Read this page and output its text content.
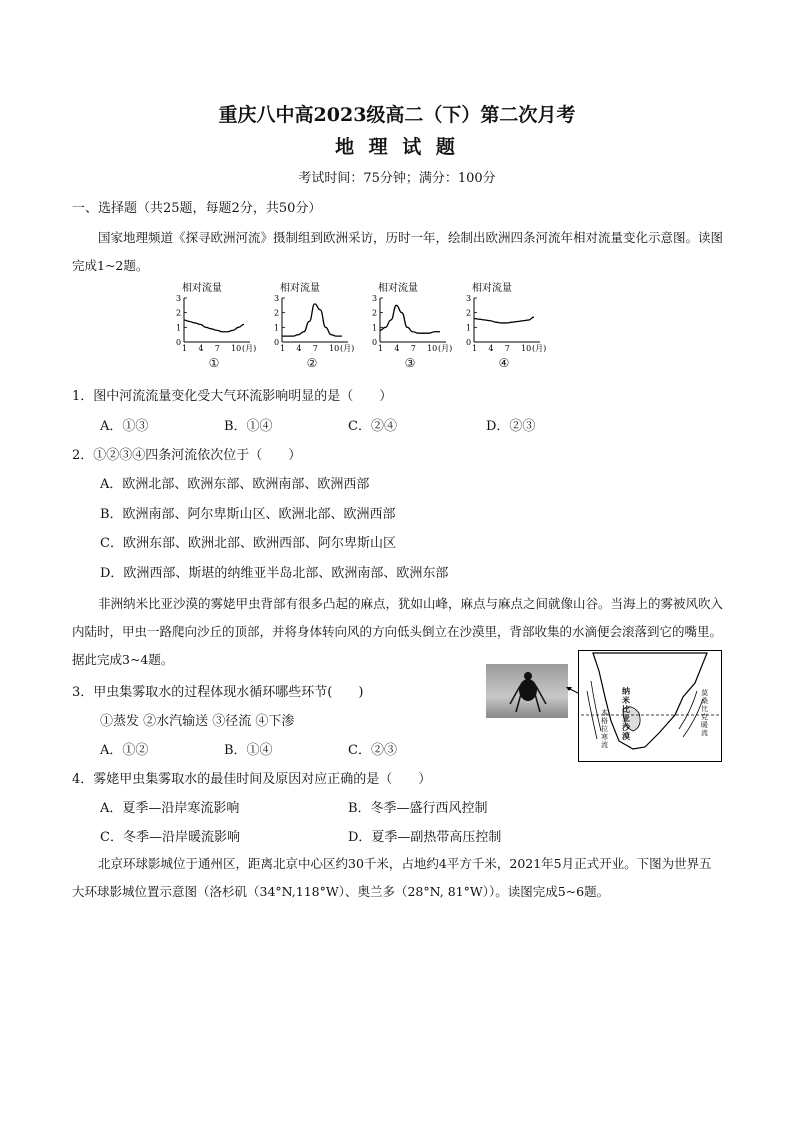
重庆八中高2023级高二（下）第二次月考
地 理 试 题
考试时间：75分钟；满分：100分
一、选择题（共25题，每题2分，共50分）
国家地理频道《探寻欧洲河流》摄制组到欧洲采访，历时一年，绘制出欧洲四条河流年相对流量变化示意图。读图完成1~2题。
相对流量
3
2
1
0
1 4 7 10 (月)
①
相对流量
3
2
1
0
1 4 7 10 (月)
②
相对流量
3
2
1
0
1 4 7 10 (月)
③
相对流量
3
2
1
0
1 4 7 10 (月)
④
1．图中河流流量变化受大气环流影响明显的是（　　）
A．①③	B．①④	C．②④	D．②③
2．①②③④四条河流依次位于（　　）
A．欧洲北部、欧洲东部、欧洲南部、欧洲西部
B．欧洲南部、阿尔卑斯山区、欧洲北部、欧洲西部
C．欧洲东部、欧洲北部、欧洲西部、阿尔卑斯山区
D．欧洲西部、斯堪的纳维亚半岛北部、欧洲南部、欧洲东部
非洲纳米比亚沙漠的雾姥甲虫背部有很多凸起的麻点，犹如山峰，麻点与麻点之间就像山谷。当海上的雾被风吹入内陆时，甲虫一路爬向沙丘的顶部，并将身体转向风的方向低头倒立在沙漠里，背部收集的水滴便会滚落到它的嘴里。据此完成3~4题。
3．甲虫集雾取水的过程体现水循环哪些环节(　　)
①蒸发 ②水汽输送 ③径流 ④下渗
A．①②	B．①④	C．②③
纳米比亚沙漠
本格拉寒流
莫桑比克暖流
4．雾姥甲虫集雾取水的最佳时间及原因对应正确的是（　　）
A．夏季—沿岸寒流影响	B．冬季—盛行西风控制
C．冬季—沿岸暖流影响	D．夏季—副热带高压控制
北京环球影城位于通州区，距离北京中心区约30千米，占地约4平方千米，2021年5月正式开业。下图为世界五大环球影城位置示意图（洛杉矶（34°N,118°W）、奥兰多（28°N, 81°W））。读图完成5~6题。
